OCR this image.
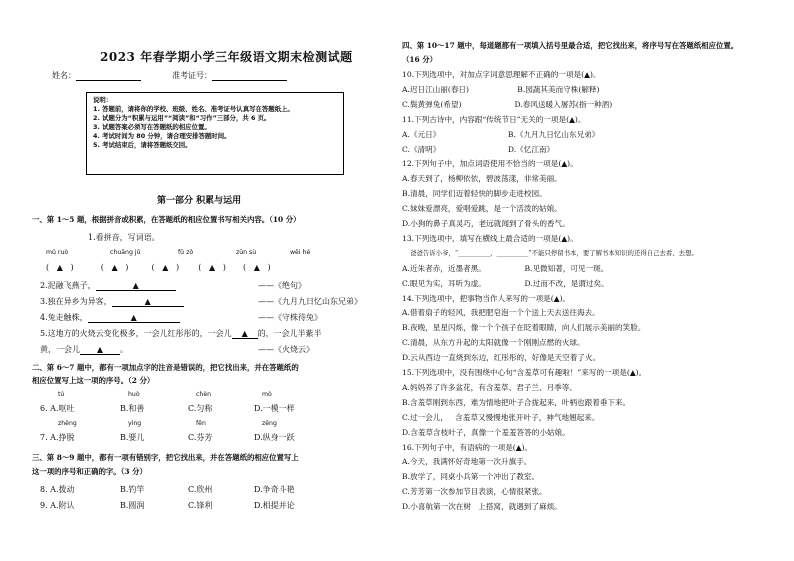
2023 年春学期小学三年级语文期末检测试题
姓名：	准考证号：
说明：
1. 答题前，请将你的学校、班级、姓名、准考证号认真写在答题纸上。
2. 试题分为“积累与运用”“阅读”和“习作”三部分，共 6 页。
3. 试题答案必须写在答题纸的相应位置。
4. 考试时间为 80 分钟，请合理安排答题时间。
5. 考试结束后，请将答题纸交回。
第一部分 积累与运用
一、第 1～5 题，根据拼音或积累，在答题纸的相应位置书写相关内容。（10 分）
1.看拼音，写词语。
mǔ ruò	chuāng jǔ	fǔ zǒ	zūn sù	wěi hé
(   ▲   )	(   ▲   )	(   ▲   ) (   ▲   ) (   ▲   )
2.泥融飞燕子，	▲	——《绝句》
3.独在异乡为异客，	▲	——《九月九日忆山东兄弟》
4.兔走触株，	▲	——《守株待兔》
5.这地方的火烧云变化极多，一会儿红彤彤的，一会儿 ▲ 的，一会儿半紫半
黄，一会儿 ▲ 。	——《火烧云》
二、第 6～7 题中，都有一项加点字的注音是错误的，把它找出来，并在答题纸的
相应位置写上这一项的序号。（2 分）
tú	huò	chèn	mò
6. A.呕吐	B.和善	C.匀称	D.一模一样
zhēng	yìng	fēn	zēng
7. A.挣脱	B.要儿	C.芬芳	D.纵身一跃
三、第 8～9 题中，都有一项有错别字，把它找出来，并在答题纸的相应位置写上
这一项的序号和正确的字。（3 分）
8. A.拨动	B.钓竿	C.欣州	D.争奇斗艳
9. A.附认	B.圆润	C.锋利	D.相提并论
四、第 10～17 题中，每道题都有一项填入括号里最合适，把它找出来，将序号写在答题纸相应位置。
（16 分）
10.下列选项中，对加点字词意思理解不正确的一项是(▲)。
A.迟日江山丽(春日)                    B.园蔬其美而守株(解释)
C.鬓黄弹兔(希望)                      D.春风送暖入屠苏(指一种酒)
11.下列古诗中，内容跟“传统节日”无关的一项是(▲)。
A.《元日》                            B.《九月九日忆山东兄弟》
C.《清明》                            D.《忆江南》
12.下列句子中，加点词语使用不恰当的一项是(▲)。
A.春天到了，杨柳依依，碧波荡漾，非常美丽。
B.清晨，同学们迈着轻快的脚步走进校园。
C.妹妹爱漂亮，爱唱爱跳，是一个活泼的姑娘。
D.小狗的鼻子真灵巧，老远就闻到了骨头的香气。
13.下列选项中，填写在横线上最合适的一项是(▲)。
爸爸告诉小爷，“__________，__________”不能只停留书本，要了解书本知识的还得自己去看、去想。
A.近朱者赤，近墨者黑。                B.见微知著，可见一斑。
C.眼见为实，耳听为虚。                D.过而不改，是谓过矣。
14.下列选项中，把事物当作人来写的一项是(▲)。
A.借着扇子的轻风，我把肥皂泡一个个送上天去送往海去。
B.夜晚，星星闪烁，像一个个孩子在眨着眼睛，向人们展示美丽的笑脸。
C.清晨，从东方升起的太阳就像一个刚刚点燃的火球。
D.云从西边一直烧到东边，红彤彤的，好像是天空着了火。
15.下列选项中，没有围绕中心句“含羞草可有趣啦！”来写的一项是(▲)。
A.妈妈养了许多盆花，有含羞草、君子兰、月季等。
B.含羞草刚到东西，难为情地把叶子合拢起来，叶柄也跟着垂下来。
C.过一会儿，   含羞草又慢慢地张开叶子，神气地翘起来。
D.含羞草含枝叶子，真像一个羞羞答答的小姑娘。
16.下列句子中，有语病的一项是(▲)。
A.今天，我满怀好奇地第一次升旗手。
B.放学了，同桌小兵第一个冲出了教室。
C.芳芳第一次参加节目表演，心情很紧张。
D.小喜航第一次在树   上搭窝，就遇到了麻烦。
